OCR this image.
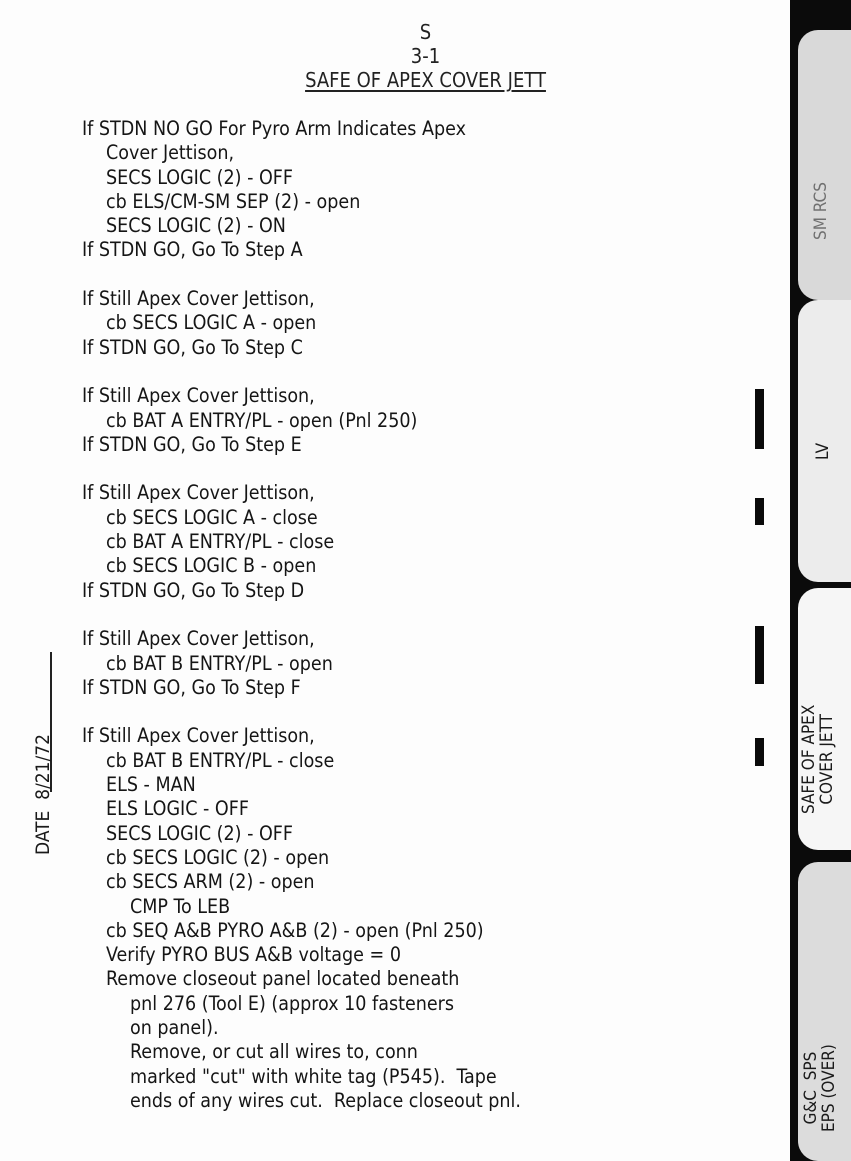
S
3-1
SAFE OF APEX COVER JETT
If STDN NO GO For Pyro Arm Indicates Apex
Cover Jettison,
SECS LOGIC (2) - OFF
cb ELS/CM-SM SEP (2) - open
SECS LOGIC (2) - ON
If STDN GO, Go To Step A
If Still Apex Cover Jettison,
cb SECS LOGIC A - open
If STDN GO, Go To Step C
If Still Apex Cover Jettison,
cb BAT A ENTRY/PL - open (Pnl 250)
If STDN GO, Go To Step E
If Still Apex Cover Jettison,
cb SECS LOGIC A - close
cb BAT A ENTRY/PL - close
cb SECS LOGIC B - open
If STDN GO, Go To Step D
If Still Apex Cover Jettison,
cb BAT B ENTRY/PL - open
If STDN GO, Go To Step F
If Still Apex Cover Jettison,
cb BAT B ENTRY/PL - close
ELS - MAN
ELS LOGIC - OFF
SECS LOGIC (2) - OFF
cb SECS LOGIC (2) - open
cb SECS ARM (2) - open
CMP To LEB
cb SEQ A&B PYRO A&B (2) - open (Pnl 250)
Verify PYRO BUS A&B voltage = 0
Remove closeout panel located beneath
pnl 276 (Tool E) (approx 10 fasteners
on panel).
Remove, or cut all wires to, conn
marked "cut" with white tag (P545).  Tape
ends of any wires cut.  Replace closeout pnl.
DATE  8/21/72
SM RCS
LV
SAFE OF APEX
COVER JETT
G&C  SPS
EPS (OVER)
